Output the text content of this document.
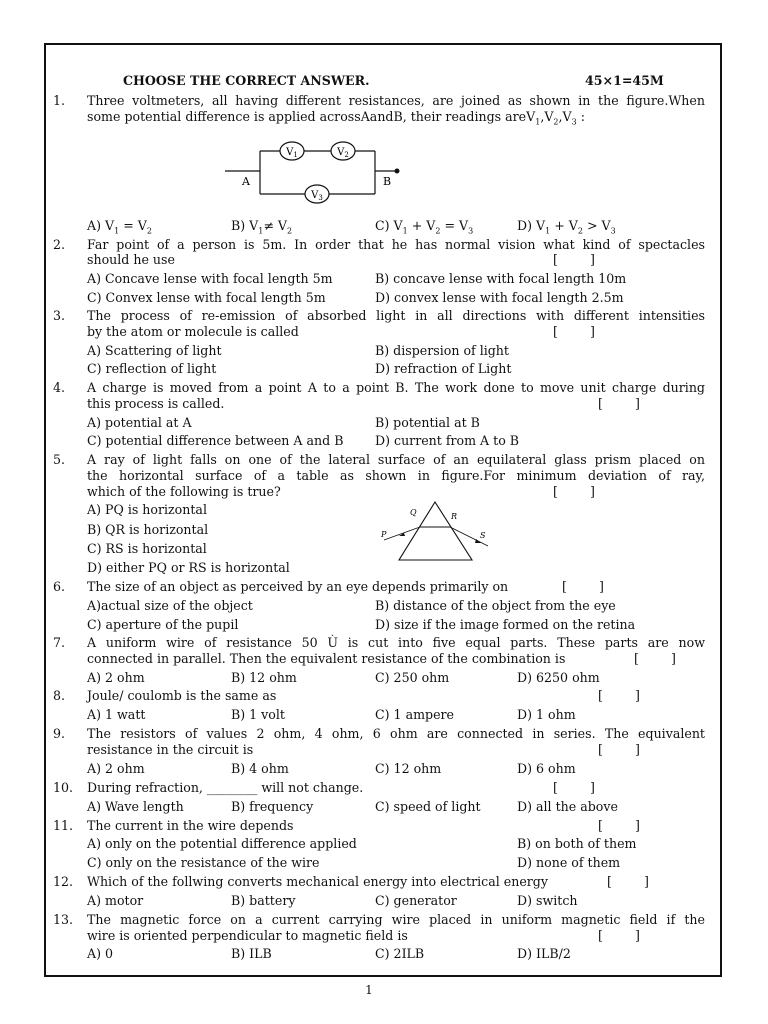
CHOOSE THE CORRECT ANSWER.	45×1=45M
1. Three voltmeters, all having different resistances, are joined as shown in the figure.When
some potential difference is applied acrossAandB, their readings $areV_1,V_2,V_3$ :
$V_1$	$V_2$
$V_3$
A	B
A) $V_1 = V_2$	B) $V_1\ne V_2$	C) $V_1 + V_2 = V_3$	D) $V_1 + V_2 > V_3$
2. Far point of a person is 5m. In order that he has normal vision what kind of spectacles
should he use	[        ]
A) Concave lense with focal length 5m	B) concave lense with focal length 10m
C) Convex lense with focal length 5m	D) convex lense with focal length 2.5m
3. The process of re-emission of absorbed light in all directions with different intensities
by the atom or molecule is called	[        ]
A) Scattering of light	B) dispersion of light
C) reflection of light	D) refraction of Light
4. A charge is moved from a point A to a point B. The work done to move unit charge during
this process is called.	[        ]
A) potential at A	B) potential at B
C) potential difference between A and B	D) current from A to B
5. A ray of light falls on one of the lateral surface of an equilateral glass prism placed on
the horizontal surface of a table as shown in figure.For minimum deviation of ray,
which of the following is true?	[        ]
A) PQ is horizontal
B) QR is horizontal
C) RS is horizontal
D) either PQ or RS is horizontal
P
Q	R
S
6. The size of an object as perceived by an eye depends primarily on	[        ]
A)actual size of the object	B) distance of the object from the eye
C) aperture of the pupil	D) size if the image formed on the retina
7. A uniform wire of resistance 50 Ù is cut into five equal parts. These parts are now
connected in parallel. Then the equivalent resistance of the combination is	[        ]
A) 2 ohm	B) 12 ohm	C) 250 ohm	D) 6250 ohm
8. Joule/ coulomb is the same as	[        ]
A) 1 watt	B) 1 volt	C) 1 ampere	D) 1 ohm
9. The resistors of values 2 ohm, 4 ohm, 6 ohm are connected in series. The equivalent
resistance in the circuit is	[        ]
A) 2 ohm	B) 4 ohm	C) 12 ohm	D) 6 ohm
10. During refraction, ________ will not change.	[        ]
A) Wave length	B) frequency	C) speed of light	D) all the above
11. The current in the wire depends	[        ]
A) only on the potential difference applied	B) on both of them
C) only on the resistance of the wire	D) none of them
12. Which of the follwing converts mechanical energy into electrical energy	[        ]
A) motor	B) battery	C) generator	D) switch
13. The magnetic force on a current carrying wire placed in uniform magnetic field if the
wire is oriented perpendicular to magnetic field is	[        ]
A) 0	B) ILB	C) 2ILB	D) ILB/2
1
